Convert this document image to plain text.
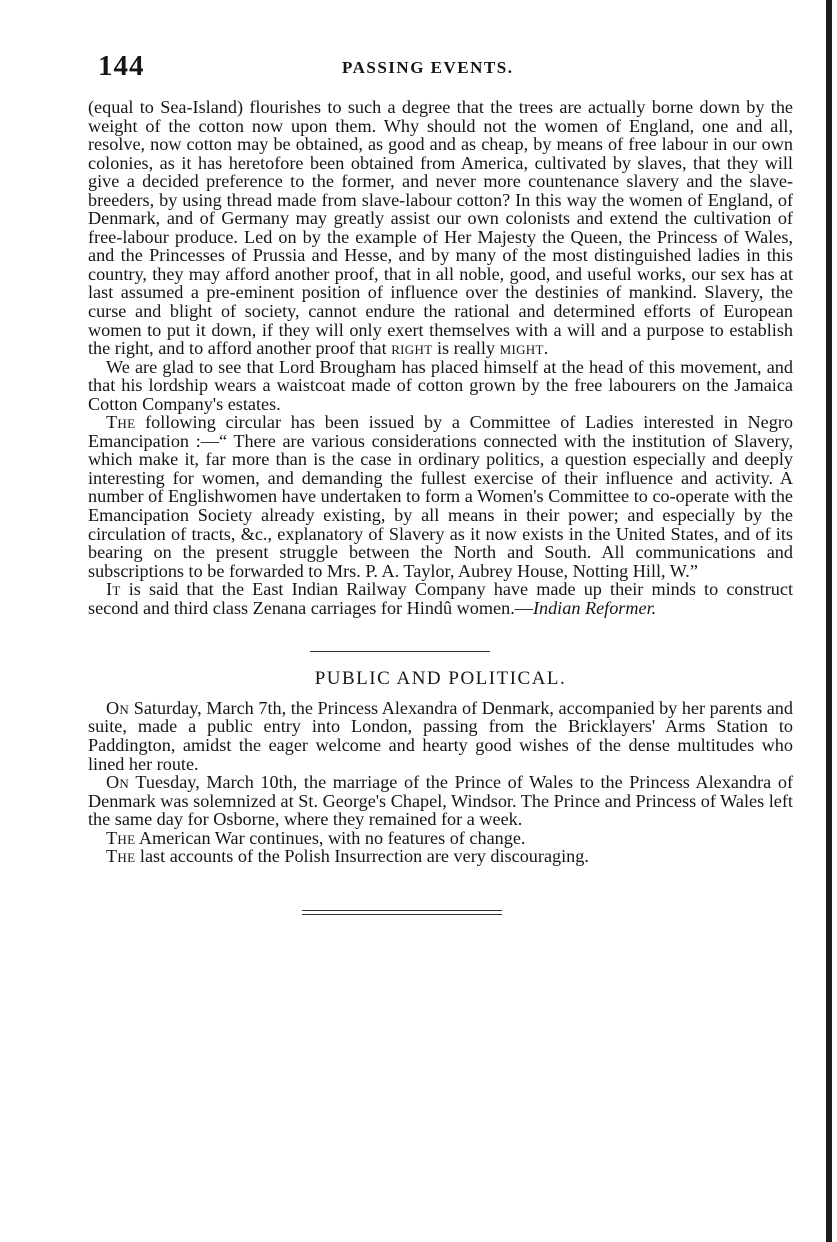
144	PASSING EVENTS.

(equal to Sea-Island) flourishes to such a degree that the trees are actually borne down by the weight of the cotton now upon them. Why should not the women of England, one and all, resolve, now cotton may be obtained, as good and as cheap, by means of free labour in our own colonies, as it has heretofore been obtained from America, cultivated by slaves, that they will give a decided preference to the former, and never more countenance slavery and the slave-breeders, by using thread made from slave-labour cotton? In this way the women of England, of Denmark, and of Germany may greatly assist our own colonists and extend the cultivation of free-labour produce. Led on by the example of Her Majesty the Queen, the Princess of Wales, and the Princesses of Prussia and Hesse, and by many of the most distinguished ladies in this country, they may afford another proof, that in all noble, good, and useful works, our sex has at last assumed a pre-eminent position of influence over the destinies of mankind. Slavery, the curse and blight of society, cannot endure the rational and determined efforts of European women to put it down, if they will only exert themselves with a will and a purpose to establish the right, and to afford another proof that right is really might.

We are glad to see that Lord Brougham has placed himself at the head of this movement, and that his lordship wears a waistcoat made of cotton grown by the free labourers on the Jamaica Cotton Company's estates.

The following circular has been issued by a Committee of Ladies interested in Negro Emancipation :—“ There are various considerations connected with the institution of Slavery, which make it, far more than is the case in ordinary politics, a question especially and deeply interesting for women, and demanding the fullest exercise of their influence and activity. A number of Englishwomen have undertaken to form a Women's Committee to co-operate with the Emancipation Society already existing, by all means in their power; and especially by the circulation of tracts, &c., explanatory of Slavery as it now exists in the United States, and of its bearing on the present struggle between the North and South. All communications and subscriptions to be forwarded to Mrs. P. A. Taylor, Aubrey House, Notting Hill, W.”

It is said that the East Indian Railway Company have made up their minds to construct second and third class Zenana carriages for Hindû women.—Indian Reformer.

PUBLIC AND POLITICAL.

On Saturday, March 7th, the Princess Alexandra of Denmark, accompanied by her parents and suite, made a public entry into London, passing from the Bricklayers' Arms Station to Paddington, amidst the eager welcome and hearty good wishes of the dense multitudes who lined her route.

On Tuesday, March 10th, the marriage of the Prince of Wales to the Princess Alexandra of Denmark was solemnized at St. George's Chapel, Windsor. The Prince and Princess of Wales left the same day for Osborne, where they remained for a week.

The American War continues, with no features of change.

The last accounts of the Polish Insurrection are very discouraging.
